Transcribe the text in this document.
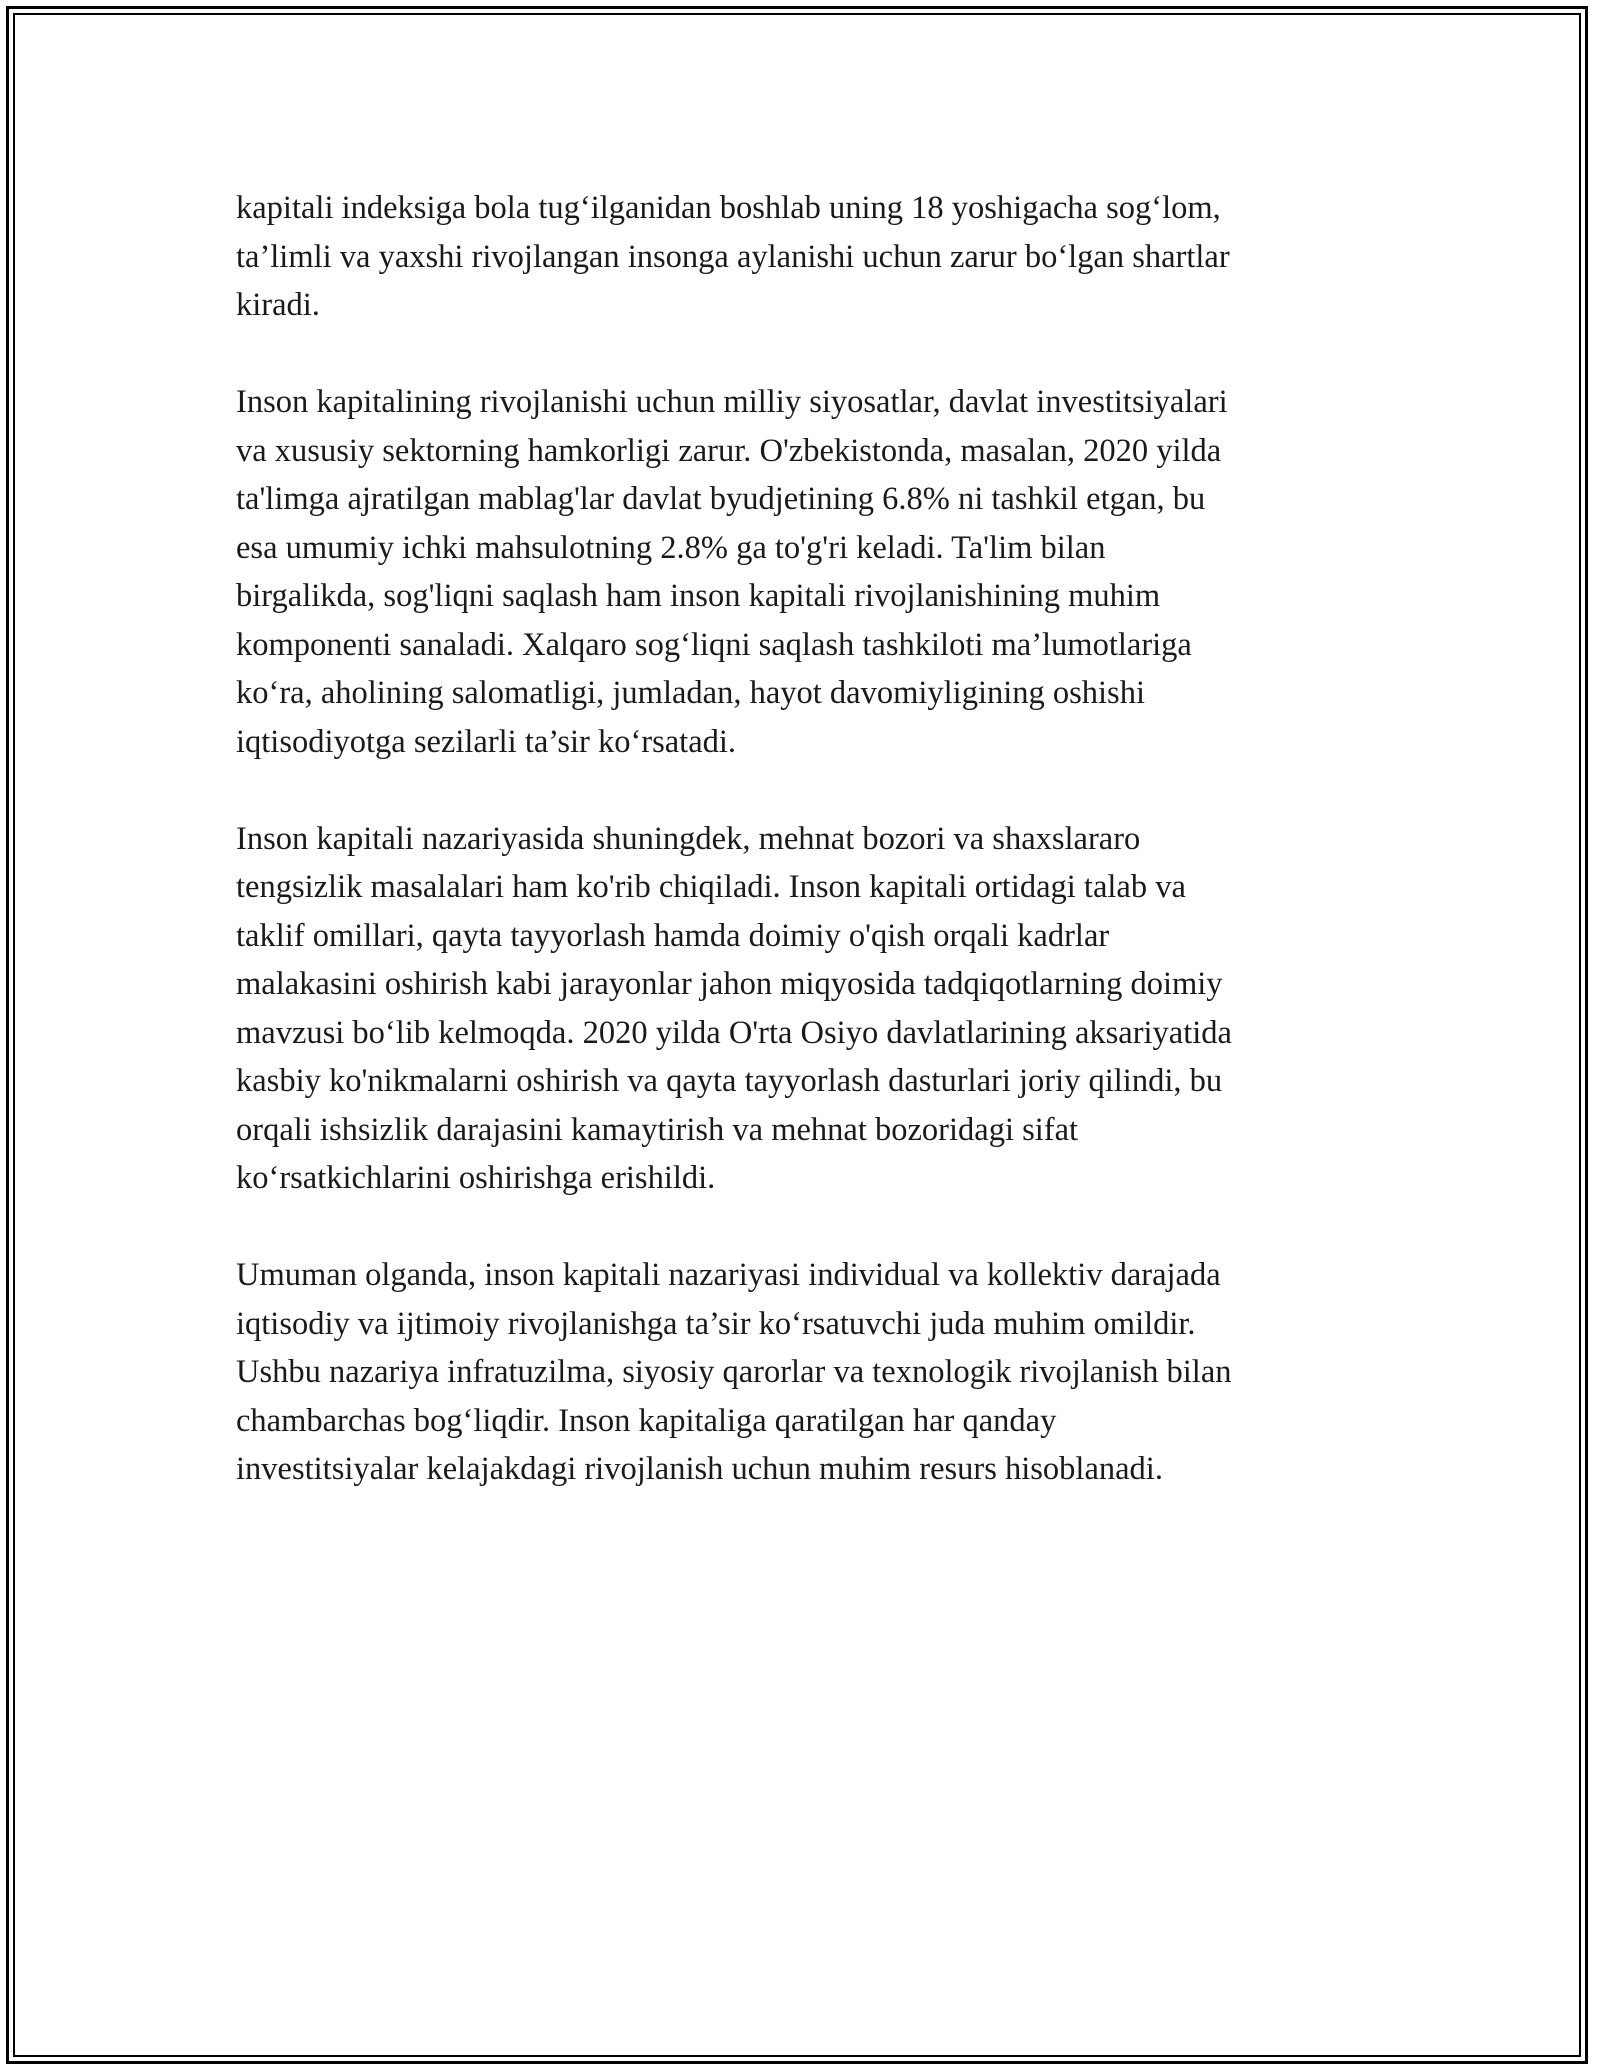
kapitali indeksiga bola tug‘ilganidan boshlab uning 18 yoshigacha sog‘lom,
ta’limli va yaxshi rivojlangan insonga aylanishi uchun zarur bo‘lgan shartlar
kiradi.

Inson kapitalining rivojlanishi uchun milliy siyosatlar, davlat investitsiyalari
va xususiy sektorning hamkorligi zarur. O'zbekistonda, masalan, 2020 yilda
ta'limga ajratilgan mablag'lar davlat byudjetining 6.8% ni tashkil etgan, bu
esa umumiy ichki mahsulotning 2.8% ga to'g'ri keladi. Ta'lim bilan
birgalikda, sog'liqni saqlash ham inson kapitali rivojlanishining muhim
komponenti sanaladi. Xalqaro sog‘liqni saqlash tashkiloti ma’lumotlariga
ko‘ra, aholining salomatligi, jumladan, hayot davomiyligining oshishi
iqtisodiyotga sezilarli ta’sir ko‘rsatadi.

Inson kapitali nazariyasida shuningdek, mehnat bozori va shaxslararo
tengsizlik masalalari ham ko'rib chiqiladi. Inson kapitali ortidagi talab va
taklif omillari, qayta tayyorlash hamda doimiy o'qish orqali kadrlar
malakasini oshirish kabi jarayonlar jahon miqyosida tadqiqotlarning doimiy
mavzusi bo‘lib kelmoqda. 2020 yilda O'rta Osiyo davlatlarining aksariyatida
kasbiy ko'nikmalarni oshirish va qayta tayyorlash dasturlari joriy qilindi, bu
orqali ishsizlik darajasini kamaytirish va mehnat bozoridagi sifat
ko‘rsatkichlarini oshirishga erishildi.

Umuman olganda, inson kapitali nazariyasi individual va kollektiv darajada
iqtisodiy va ijtimoiy rivojlanishga ta’sir ko‘rsatuvchi juda muhim omildir.
Ushbu nazariya infratuzilma, siyosiy qarorlar va texnologik rivojlanish bilan
chambarchas bog‘liqdir. Inson kapitaliga qaratilgan har qanday
investitsiyalar kelajakdagi rivojlanish uchun muhim resurs hisoblanadi.
